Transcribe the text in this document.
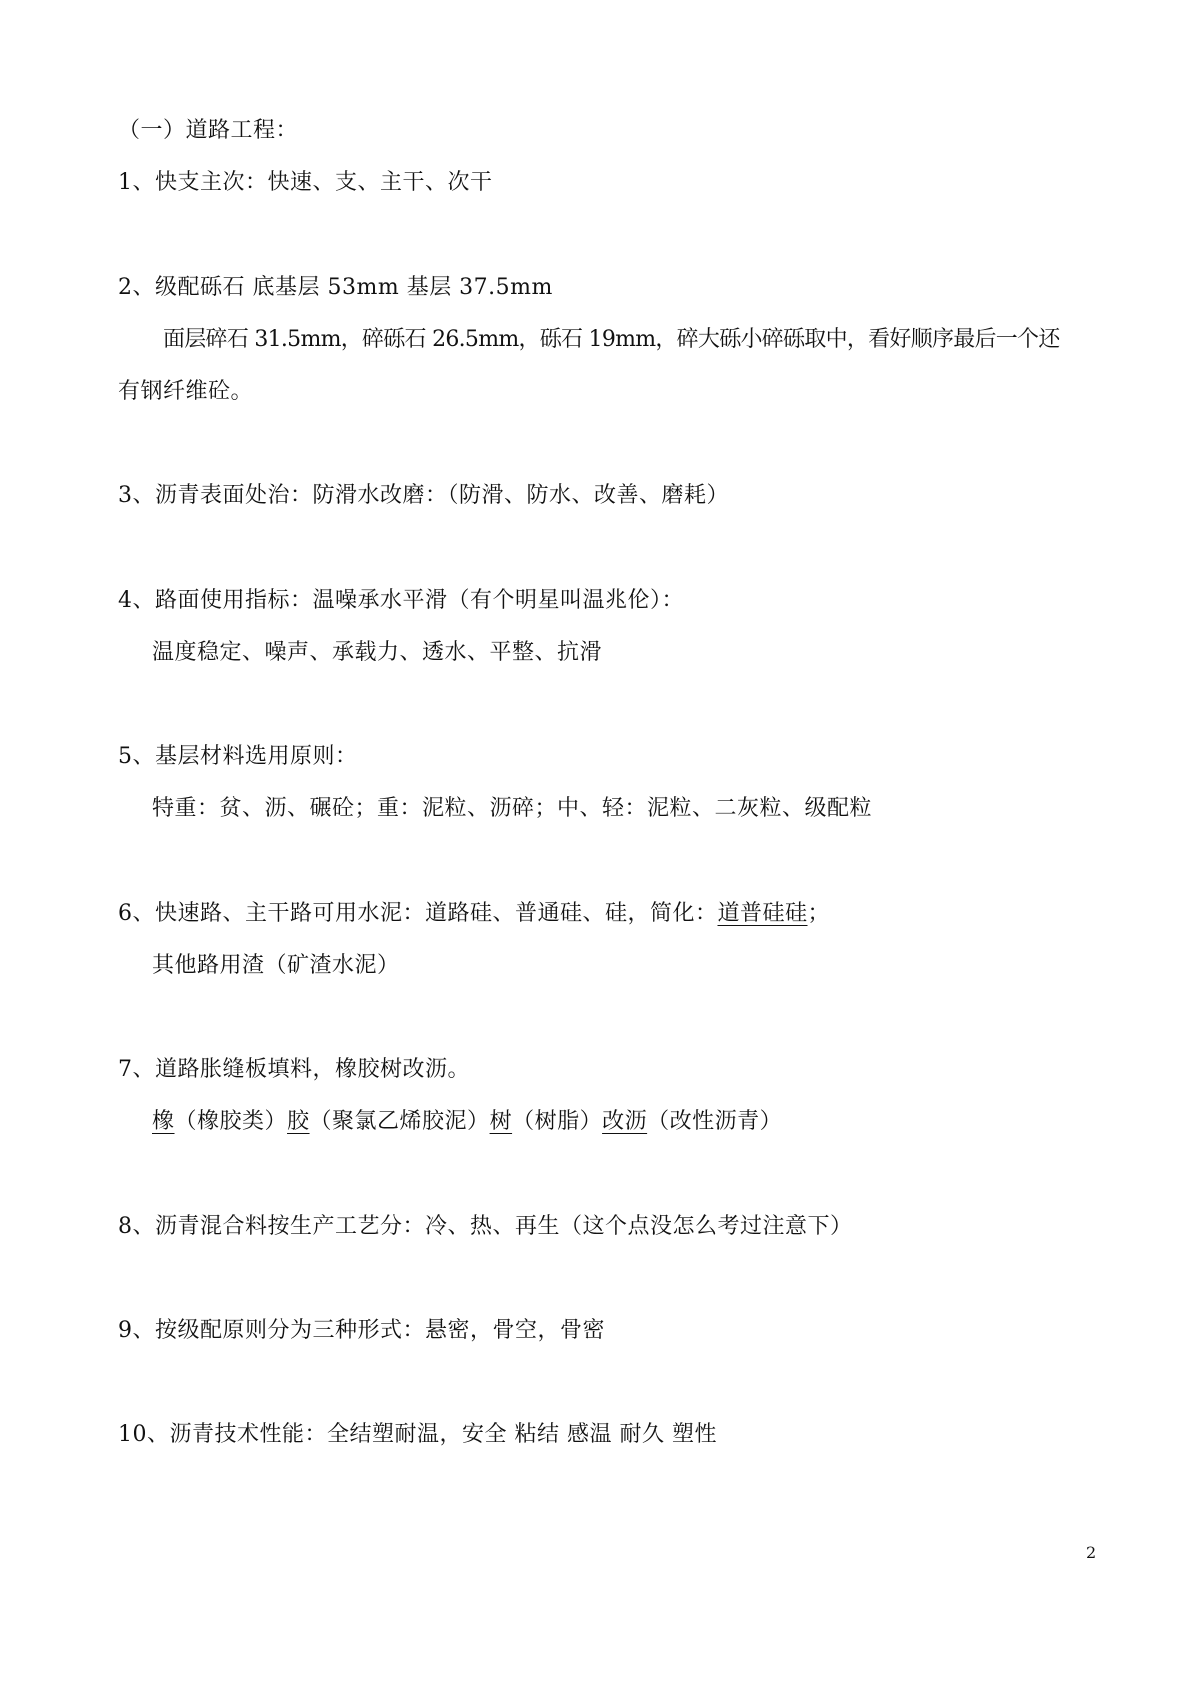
（一）道路工程：
1、快支主次：快速、支、主干、次干
2、级配砾石 底基层 53mm 基层 37.5mm
面层碎石 31.5mm，碎砾石 26.5mm，砾石 19mm，碎大砾小碎砾取中，看好顺序最后一个还
有钢纤维砼。
3、沥青表面处治：防滑水改磨：（防滑、防水、改善、磨耗）
4、路面使用指标：温噪承水平滑（有个明星叫温兆伦）：
温度稳定、噪声、承载力、透水、平整、抗滑
5、基层材料选用原则：
特重：贫、沥、碾砼；重：泥粒、沥碎；中、轻：泥粒、二灰粒、级配粒
6、快速路、主干路可用水泥：道路硅、普通硅、硅，简化：道普硅硅；
其他路用渣（矿渣水泥）
7、道路胀缝板填料，橡胶树改沥。
橡（橡胶类）胶（聚氯乙烯胶泥）树（树脂）改沥（改性沥青）
8、沥青混合料按生产工艺分：冷、热、再生（这个点没怎么考过注意下）
9、按级配原则分为三种形式：悬密，骨空，骨密
10、沥青技术性能：全结塑耐温，安全 粘结 感温 耐久 塑性
2
